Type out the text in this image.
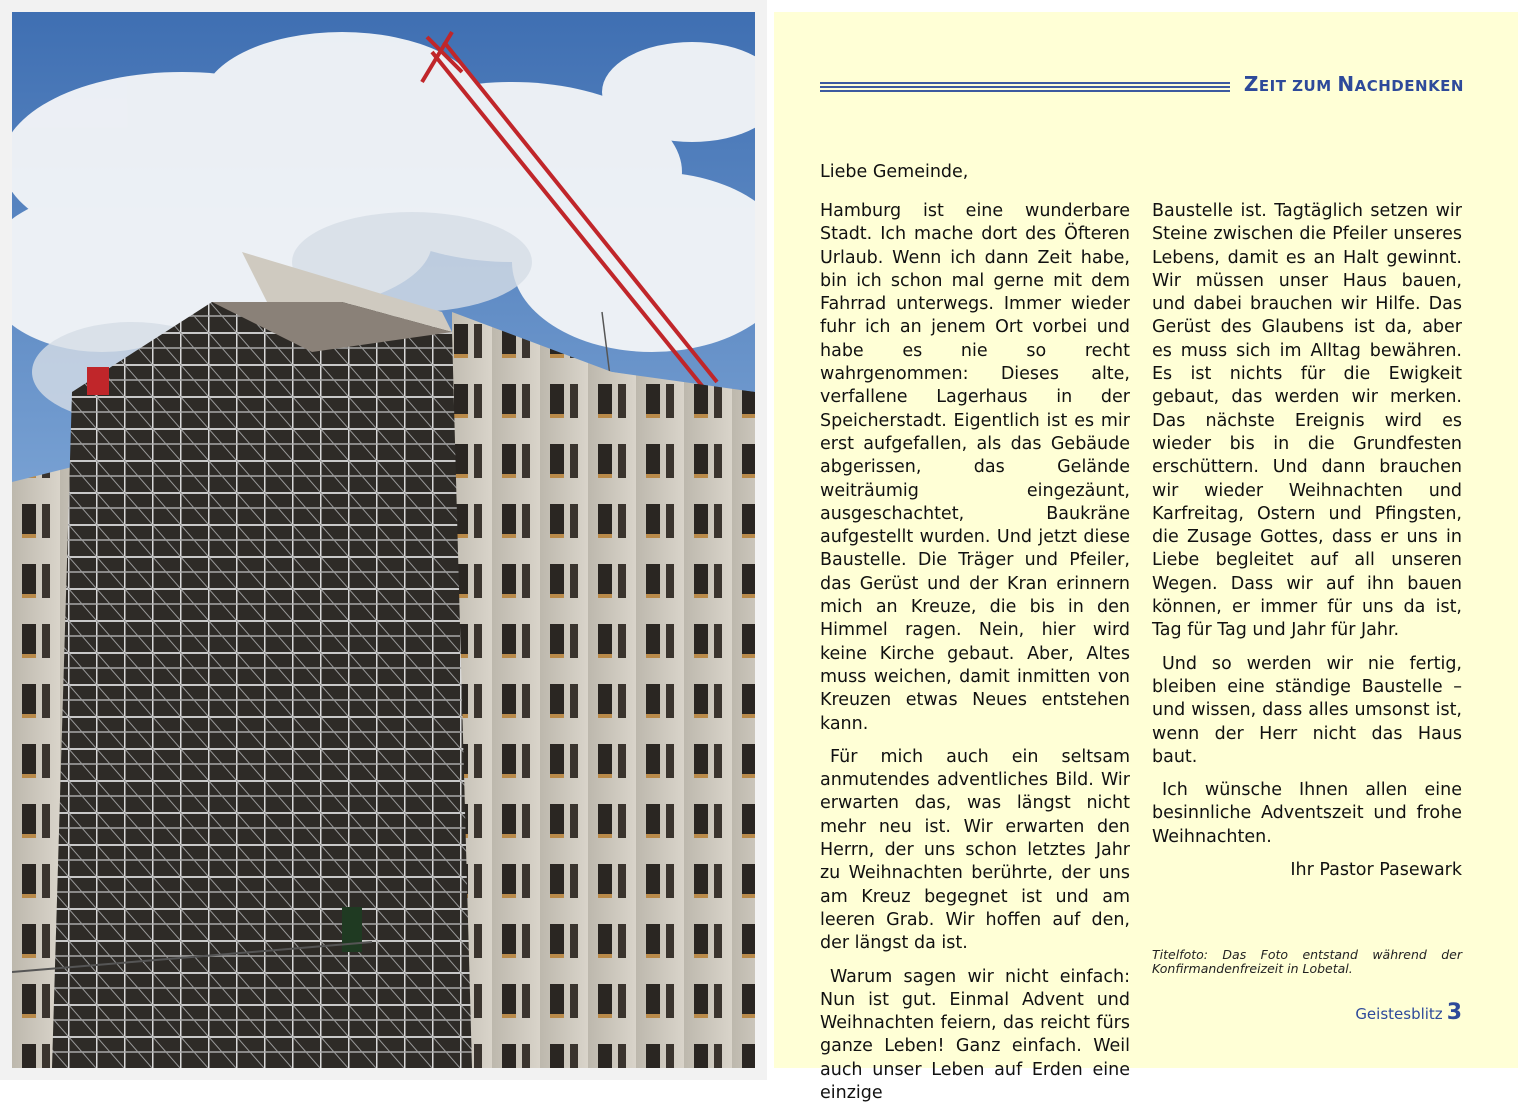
ZEIT ZUM NACHDENKEN
Liebe Gemeinde,

Hamburg ist eine wunderbare Stadt. Ich mache dort des Öfteren Urlaub. Wenn ich dann Zeit habe, bin ich schon mal gerne mit dem Fahrrad unterwegs. Immer wieder fuhr ich an jenem Ort vorbei und habe es nie so recht wahrgenommen: Dieses alte, verfallene Lagerhaus in der Speicherstadt. Eigentlich ist es mir erst aufgefallen, als das Gebäude abgerissen, das Gelände weiträumig eingezäunt, ausgeschachtet, Baukräne aufgestellt wurden. Und jetzt diese Baustelle. Die Träger und Pfeiler, das Gerüst und der Kran erinnern mich an Kreuze, die bis in den Himmel ragen. Nein, hier wird keine Kirche gebaut. Aber, Altes muss weichen, damit inmitten von Kreuzen etwas Neues entstehen kann.

Für mich auch ein seltsam anmutendes adventliches Bild. Wir erwarten das, was längst nicht mehr neu ist. Wir erwarten den Herrn, der uns schon letztes Jahr zu Weihnachten berührte, der uns am Kreuz begegnet ist und am leeren Grab. Wir hoffen auf den, der längst da ist.

Warum sagen wir nicht einfach: Nun ist gut. Einmal Advent und Weihnachten feiern, das reicht fürs ganze Leben! Ganz einfach. Weil auch unser Leben auf Erden eine einzige

Baustelle ist. Tagtäglich setzen wir Steine zwischen die Pfeiler unseres Lebens, damit es an Halt gewinnt. Wir müssen unser Haus bauen, und dabei brauchen wir Hilfe. Das Gerüst des Glaubens ist da, aber es muss sich im Alltag bewähren. Es ist nichts für die Ewigkeit gebaut, das werden wir merken. Das nächste Ereignis wird es wieder bis in die Grundfesten erschüttern. Und dann brauchen wir wieder Weihnachten und Karfreitag, Ostern und Pfingsten, die Zusage Gottes, dass er uns in Liebe begleitet auf all unseren Wegen. Dass wir auf ihn bauen können, er immer für uns da ist, Tag für Tag und Jahr für Jahr.

Und so werden wir nie fertig, bleiben eine ständige Baustelle – und wissen, dass alles umsonst ist, wenn der Herr nicht das Haus baut.

Ich wünsche Ihnen allen eine besinnliche Adventszeit und frohe Weihnachten.

Ihr Pastor Pasewark

Titelfoto: Das Foto entstand während der Konfirmandenfreizeit in Lobetal.
Geistesblitz 3
